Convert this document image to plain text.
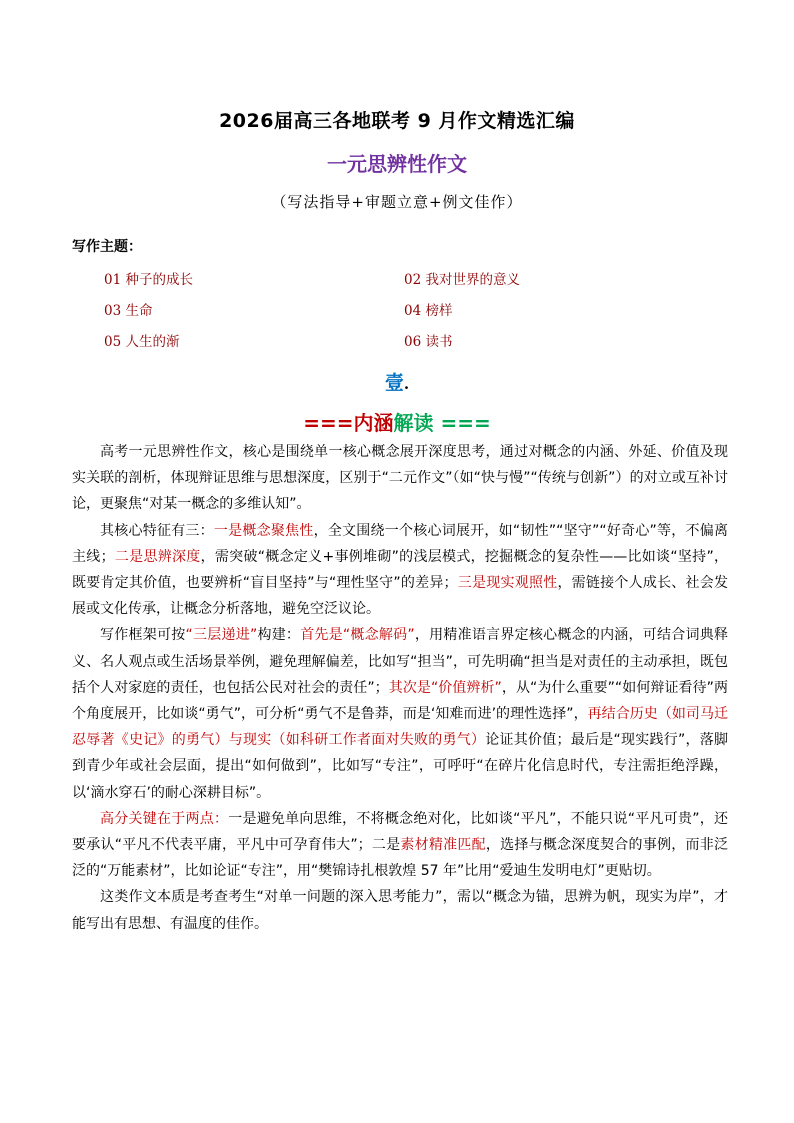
2026届高三各地联考 9 月作文精选汇编
一元思辨性作文
（写法指导+审题立意+例文佳作）
写作主题：
01 种子的成长	02 我对世界的意义
03 生命	04 榜样
05 人生的渐	06 读书
壹.
===内涵解读 ===

高考一元思辨性作文，核心是围绕单一核心概念展开深度思考，通过对概念的内涵、外延、价值及现实关联的剖析，体现辩证思维与思想深度，区别于“二元作文”（如“快与慢”“传统与创新”）的对立或互补讨论，更聚焦“对某一概念的多维认知”。

其核心特征有三：一是概念聚焦性，全文围绕一个核心词展开，如“韧性”“坚守”“好奇心”等，不偏离主线；二是思辨深度，需突破“概念定义+事例堆砌”的浅层模式，挖掘概念的复杂性——比如谈“坚持”，既要肯定其价值，也要辨析“盲目坚持”与“理性坚守”的差异；三是现实观照性，需链接个人成长、社会发展或文化传承，让概念分析落地，避免空泛议论。

写作框架可按“三层递进”构建：首先是“概念解码”，用精准语言界定核心概念的内涵，可结合词典释义、名人观点或生活场景举例，避免理解偏差，比如写“担当”，可先明确“担当是对责任的主动承担，既包括个人对家庭的责任，也包括公民对社会的责任”；其次是“价值辨析”，从“为什么重要”“如何辩证看待”两个角度展开，比如谈“勇气”，可分析“勇气不是鲁莽，而是‘知难而进’的理性选择”，再结合历史（如司马迁忍辱著《史记》的勇气）与现实（如科研工作者面对失败的勇气）论证其价值；最后是“现实践行”，落脚到青少年或社会层面，提出“如何做到”，比如写“专注”，可呼吁“在碎片化信息时代，专注需拒绝浮躁，以‘滴水穿石’的耐心深耕目标”。

高分关键在于两点：一是避免单向思维，不将概念绝对化，比如谈“平凡”，不能只说“平凡可贵”，还要承认“平凡不代表平庸，平凡中可孕育伟大”；二是素材精准匹配，选择与概念深度契合的事例，而非泛泛的“万能素材”，比如论证“专注”，用“樊锦诗扎根敦煌 57 年”比用“爱迪生发明电灯”更贴切。

这类作文本质是考查考生“对单一问题的深入思考能力”，需以“概念为锚，思辨为帆，现实为岸”，才能写出有思想、有温度的佳作。
